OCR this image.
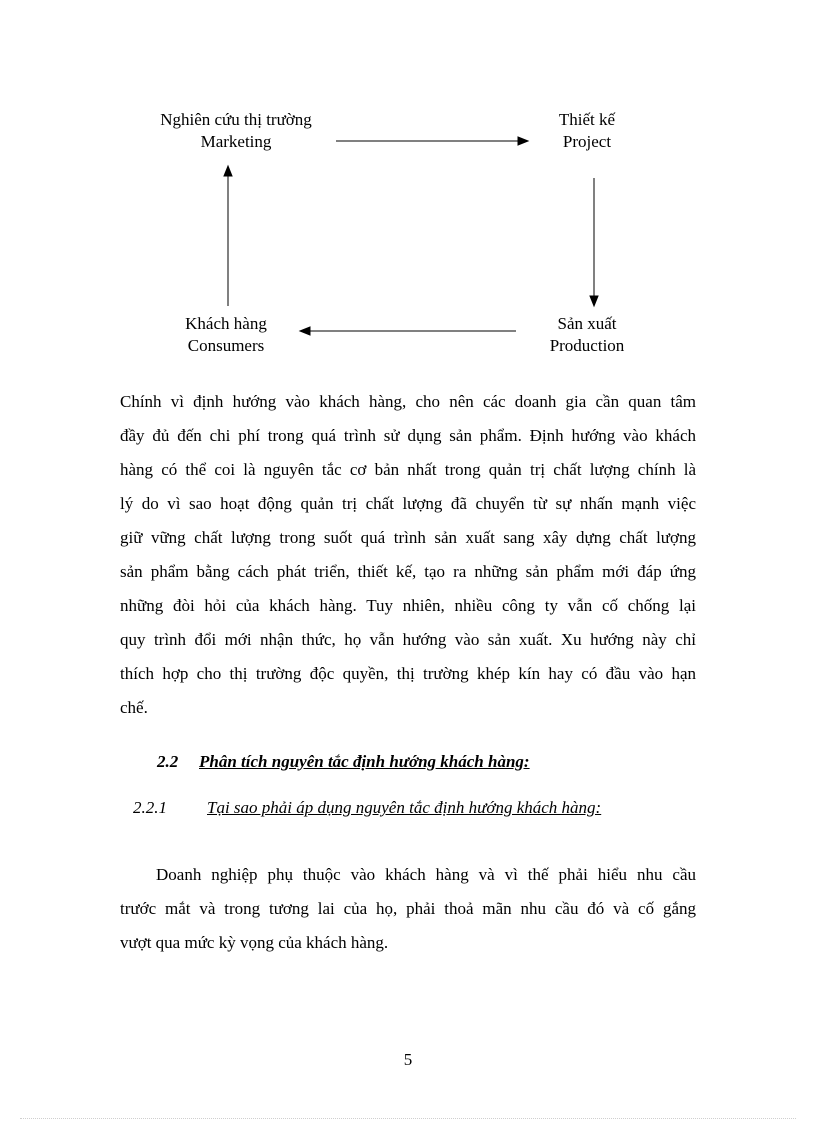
Nghiên cứu thị trường
Marketing
Thiết kế
Project
Sản xuất
Production
Khách hàng
Consumers
Chính vì định hướng vào khách hàng, cho nên các doanh gia cần quan tâm
đầy đủ đến chi phí trong quá trình sử dụng sản phẩm. Định hướng vào khách
hàng có thể coi là nguyên tắc cơ bản nhất trong quản trị chất lượng chính là
lý do vì sao hoạt động quản trị chất lượng đã chuyển từ sự nhấn mạnh việc
giữ vững chất lượng trong suốt quá trình sản xuất sang xây dựng chất lượng
sản phẩm bằng cách phát triển, thiết kế, tạo ra những sản phẩm mới đáp ứng
những đòi hỏi của khách hàng. Tuy nhiên, nhiều công ty vẫn cố chống lại
quy trình đổi mới nhận thức, họ vẫn hướng vào sản xuất. Xu hướng này chỉ
thích hợp cho thị trường độc quyền, thị trường khép kín hay có đầu vào hạn
chế.
2.2 Phân tích nguyên tắc định hướng khách hàng:
2.2.1 Tại sao phải áp dụng nguyên tắc định hướng khách hàng:
Doanh nghiệp phụ thuộc vào khách hàng và vì thế phải hiểu nhu cầu
trước mắt và trong tương lai của họ, phải thoả mãn nhu cầu đó và cố gắng
vượt qua mức kỳ vọng của khách hàng.
5
